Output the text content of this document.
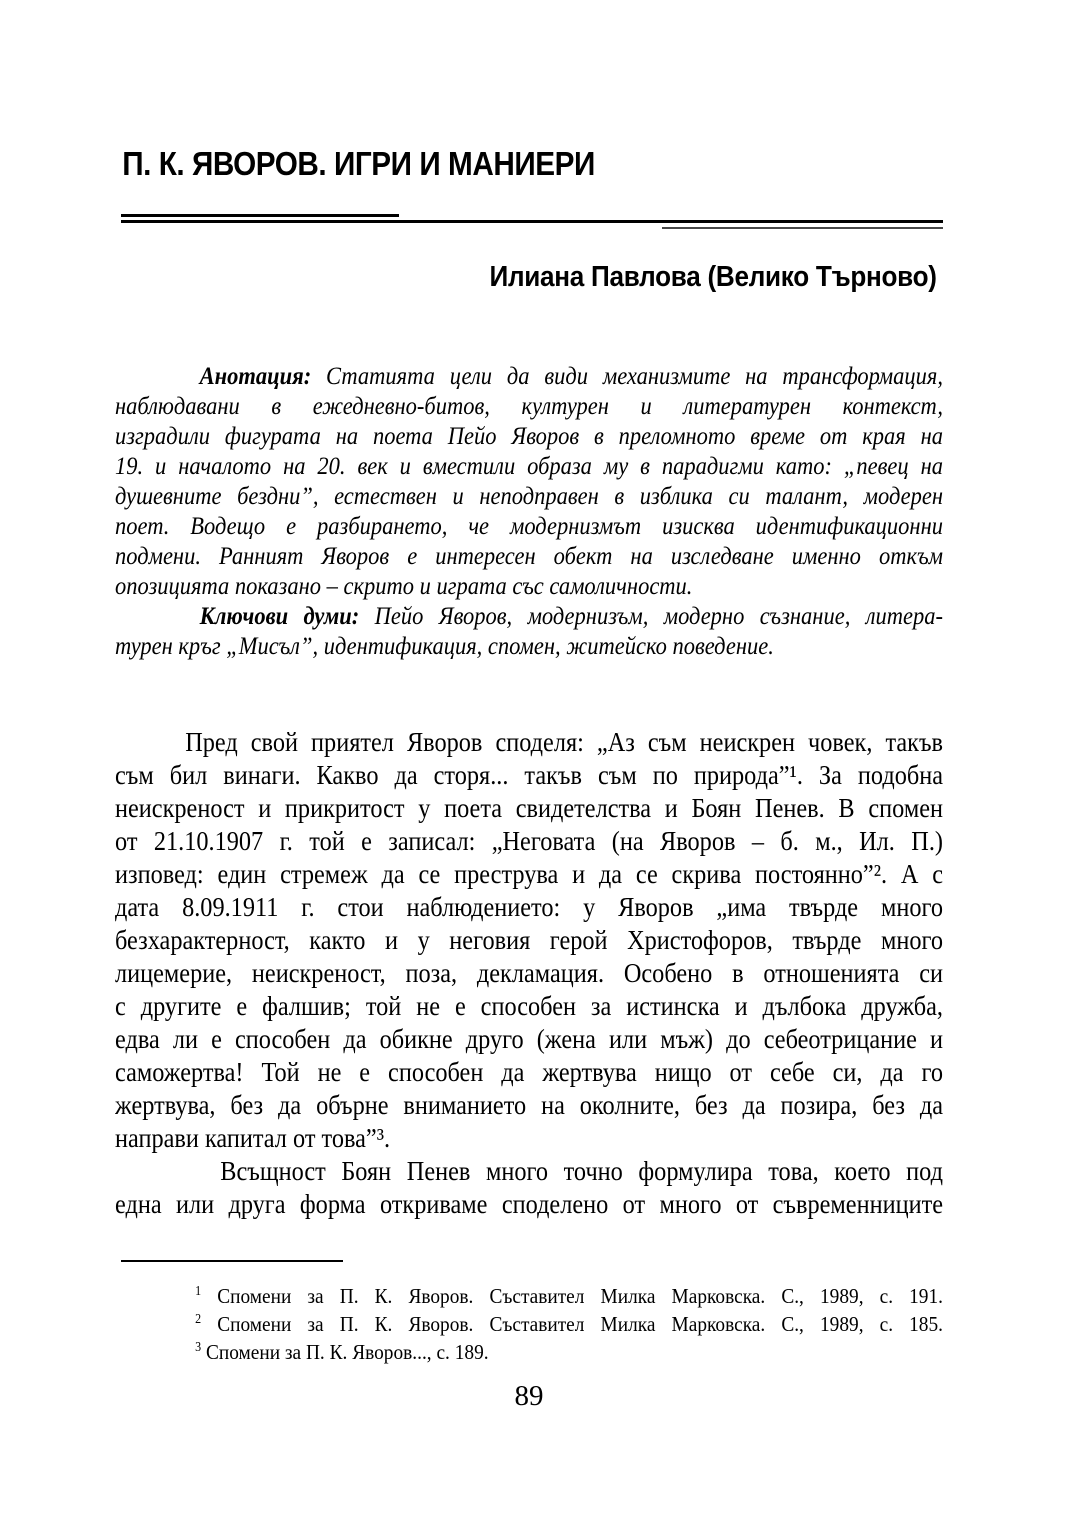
П. К. ЯВОРОВ. ИГРИ И МАНИЕРИ
Илиана Павлова (Велико Търново)
Анотация: Статията цели да види механизмите на трансформация,
наблюдавани в ежедневно-битов, културен и литературен контекст,
изградили фигурата на поета Пейо Яворов в преломното време от края на
19. и началото на 20. век и вместили образа му в парадигми като: „певец на
душевните бездни”, естествен и неподправен в изблика си талант, модерен
поет. Водещо е разбирането, че модернизмът изисква идентификационни
подмени. Ранният Яворов е интересен обект на изследване именно откъм
опозицията показано – скрито и играта със самоличности.
Ключови думи: Пейо Яворов, модернизъм, модерно съзнание, литера-
турен кръг „Мисъл”, идентификация, спомен, житейско поведение.
Пред свой приятел Яворов споделя: „Аз съм неискрен човек, такъв
съм бил винаги. Какво да сторя... такъв съм по природа”¹. За подобна
неискреност и прикритост у поета свидетелства и Боян Пенев. В спомен
от 21.10.1907 г. той е записал: „Неговата (на Яворов – б. м., Ил. П.)
изповед: един стремеж да се преструва и да се скрива постоянно”². А с
дата 8.09.1911 г. стои наблюдението: у Яворов „има твърде много
безхарактерност, както и у неговия герой Христофоров, твърде много
лицемерие, неискреност, поза, декламация. Особено в отношенията си
с другите е фалшив; той не е способен за истинска и дълбока дружба,
едва ли е способен да обикне друго (жена или мъж) до себеотрицание и
саможертва! Той не е способен да жертвува нищо от себе си, да го
жертвува, без да обърне вниманието на околните, без да позира, без да
направи капитал от това”³.
Всъщност Боян Пенев много точно формулира това, което под
една или друга форма откриваме споделено от много от съвременниците
$^1$ Спомени за П. К. Яворов. Съставител Милка Марковска. С., 1989, с. 191.
$^2$ Спомени за П. К. Яворов. Съставител Милка Марковска. С., 1989, с. 185.
$^3$ Спомени за П. К. Яворов..., с. 189.
89
